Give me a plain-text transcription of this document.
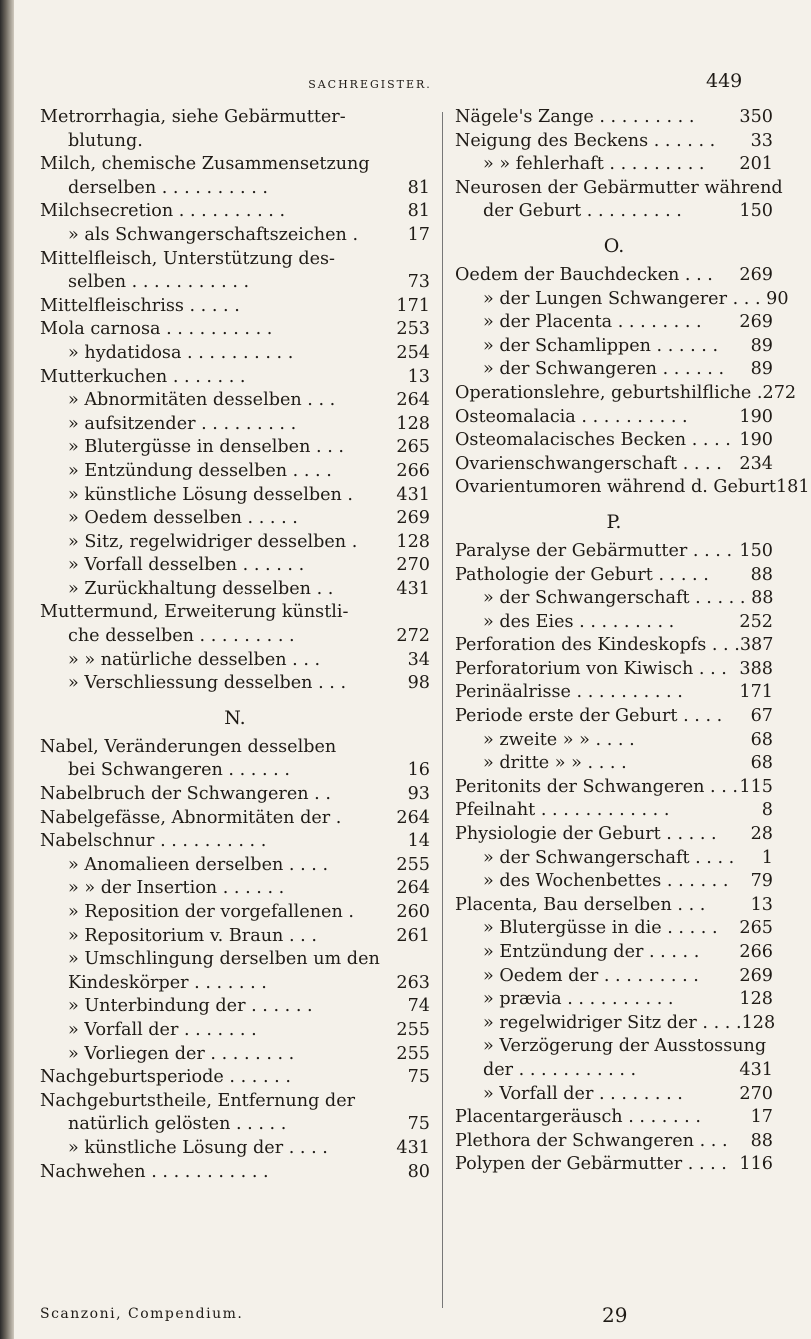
SACHREGISTER.	449
Metrorrhagia, siehe Gebärmutter-
blutung.
Milch, chemische Zusammensetzung
derselben . . . . . . . . . .	81
Milchsecretion . . . . . . . . . .	81
» als Schwangerschaftszeichen .	17
Mittelfleisch, Unterstützung des-
selben . . . . . . . . . . .	73
Mittelfleischriss . . . . .	171
Mola carnosa . . . . . . . . . .	253
» hydatidosa . . . . . . . . . .	254
Mutterkuchen . . . . . . .	13
» Abnormitäten desselben . . .	264
» aufsitzender . . . . . . . . .	128
» Blutergüsse in denselben . . .	265
» Entzündung desselben . . . .	266
» künstliche Lösung desselben .	431
» Oedem desselben . . . . .	269
» Sitz, regelwidriger desselben .	128
» Vorfall desselben . . . . . .	270
» Zurückhaltung desselben . .	431
Muttermund, Erweiterung künstli-
che desselben . . . . . . . . .	272
» » natürliche desselben . . .	34
» Verschliessung desselben . . .	98
N.
Nabel, Veränderungen desselben
bei Schwangeren . . . . . .	16
Nabelbruch der Schwangeren . .	93
Nabelgefässe, Abnormitäten der .	264
Nabelschnur . . . . . . . . . .	14
» Anomalieen derselben . . . .	255
» » der Insertion . . . . . .	264
» Reposition der vorgefallenen .	260
» Repositorium v. Braun . . .	261
» Umschlingung derselben um den
Kindeskörper . . . . . . .	263
» Unterbindung der . . . . . .	74
» Vorfall der . . . . . . .	255
» Vorliegen der . . . . . . . .	255
Nachgeburtsperiode . . . . . .	75
Nachgeburtstheile, Entfernung der
natürlich gelösten . . . . .	75
» künstliche Lösung der . . . .	431
Nachwehen . . . . . . . . . . .	80
Nägele's Zange . . . . . . . . .	350
Neigung des Beckens . . . . . .	33
» » fehlerhaft . . . . . . . . .	201
Neurosen der Gebärmutter während
der Geburt . . . . . . . . .	150
O.
Oedem der Bauchdecken . . .	269
» der Lungen Schwangerer . . . 90
» der Placenta . . . . . . . .	269
» der Schamlippen . . . . . .	89
» der Schwangeren . . . . . .	89
Operationslehre, geburtshilfliche . 272
Osteomalacia . . . . . . . . . .	190
Osteomalacisches Becken . . . . 190
Ovarienschwangerschaft . . . . 234
Ovarientumoren während d. Geburt 181
P.
Paralyse der Gebärmutter . . . . 150
Pathologie der Geburt . . . . .	88
» der Schwangerschaft . . . . . 88
» des Eies . . . . . . . . .	252
Perforation des Kindeskopfs . . . 387
Perforatorium von Kiwisch . . . 388
Perinäalrisse . . . . . . . . . .	171
Periode erste der Geburt . . . .	67
» zweite » » . . . .	68
» dritte » » . . . .	68
Peritonits der Schwangeren . . . 115
Pfeilnaht . . . . . . . . . . . .	8
Physiologie der Geburt . . . . .	28
» der Schwangerschaft . . . .	1
» des Wochenbettes . . . . . .	79
Placenta, Bau derselben . . .	13
» Blutergüsse in die . . . . .	265
» Entzündung der . . . . .	266
» Oedem der . . . . . . . . .	269
» prævia . . . . . . . . . .	128
» regelwidriger Sitz der . . . . 128
» Verzögerung der Ausstossung
der . . . . . . . . . . .	431
» Vorfall der . . . . . . . .	270
Placentargeräusch . . . . . . .	17
Plethora der Schwangeren . . .	88
Polypen der Gebärmutter . . . . 116
Scanzoni, Compendium.	29
